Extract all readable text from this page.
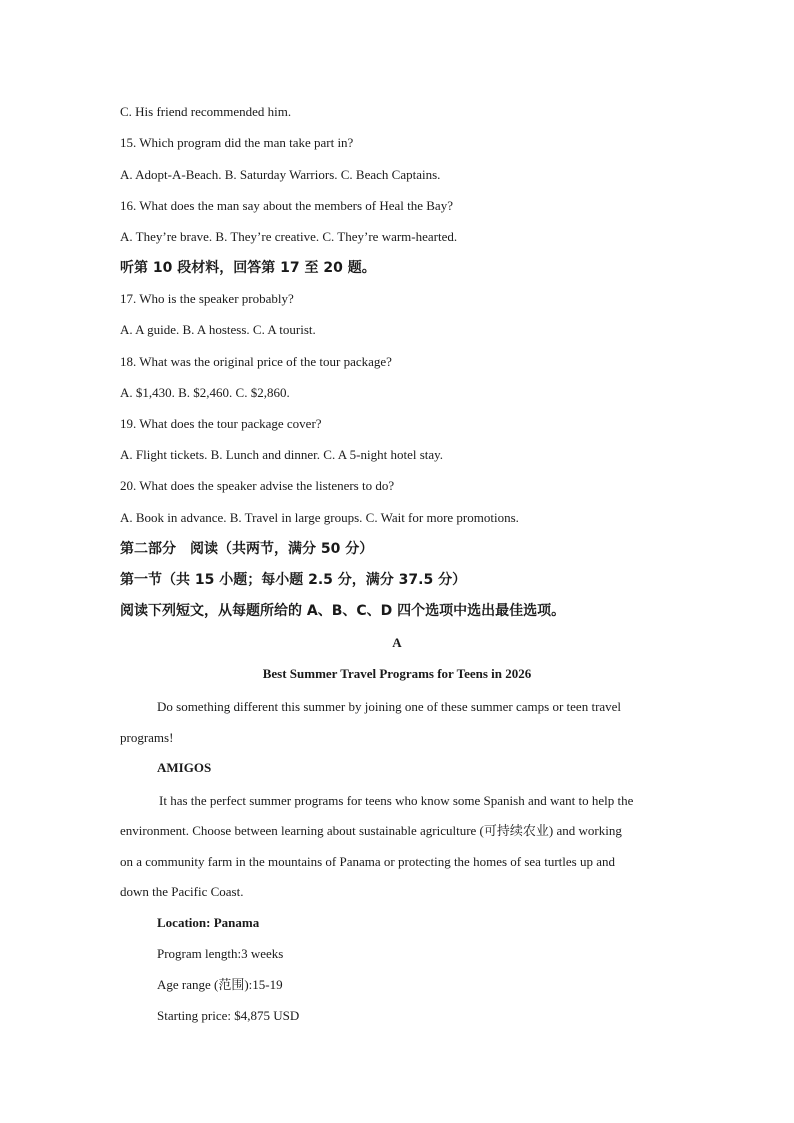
C. His friend recommended him.
15. Which program did the man take part in?
A. Adopt-A-Beach. B. Saturday Warriors. C. Beach Captains.
16. What does the man say about the members of Heal the Bay?
A. They’re brave. B. They’re creative. C. They’re warm-hearted.
听第 10 段材料，回答第 17 至 20 题。
17. Who is the speaker probably?
A. A guide. B. A hostess. C. A tourist.
18. What was the original price of the tour package?
A. $1,430. B. $2,460. C. $2,860.
19. What does the tour package cover?
A. Flight tickets. B. Lunch and dinner. C. A 5-night hotel stay.
20. What does the speaker advise the listeners to do?
A. Book in advance. B. Travel in large groups. C. Wait for more promotions.
第二部分　阅读（共两节，满分 50 分）
第一节（共 15 小题；每小题 2.5 分，满分 37.5 分）
阅读下列短文，从每题所给的 A、B、C、D 四个选项中选出最佳选项。
A
Best Summer Travel Programs for Teens in 2026
Do something different this summer by joining one of these summer camps or teen travel
programs!
AMIGOS
It has the perfect summer programs for teens who know some Spanish and want to help the
environment. Choose between learning about sustainable agriculture (可持续农业) and working
on a community farm in the mountains of Panama or protecting the homes of sea turtles up and
down the Pacific Coast.
Location: Panama
Program length:3 weeks
Age range (范围):15-19
Starting price: $4,875 USD
